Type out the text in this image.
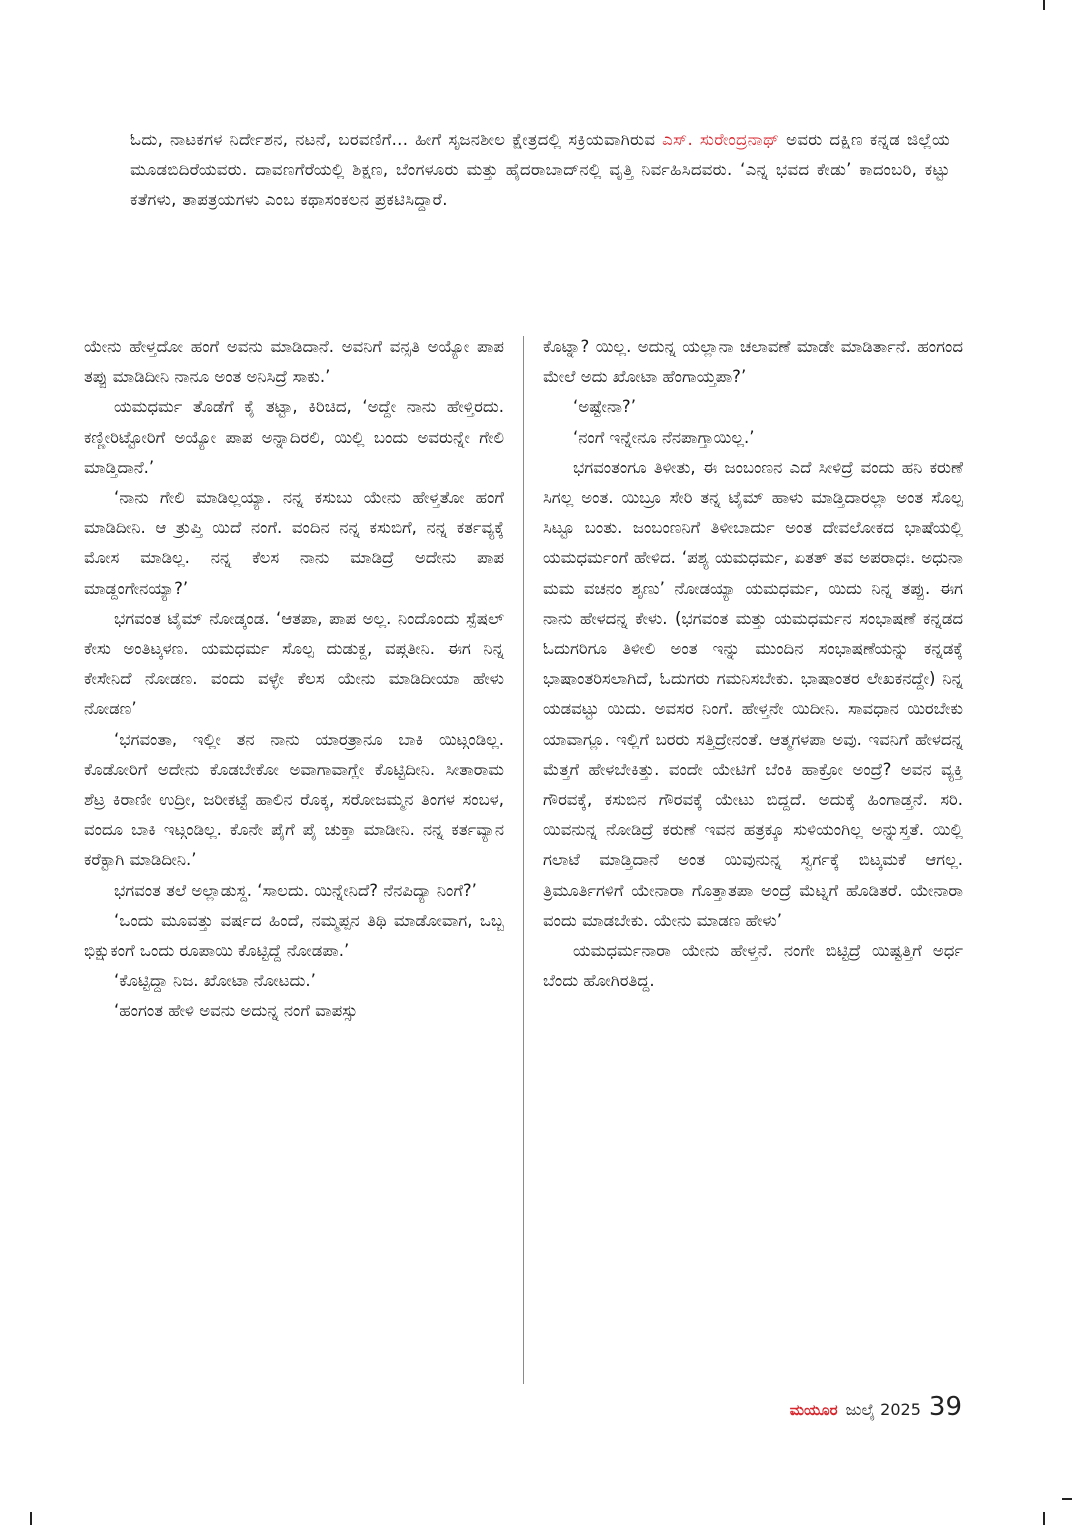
ಓದು, ನಾಟಕಗಳ ನಿರ್ದೇಶನ, ನಟನೆ, ಬರವಣಿಗೆ... ಹೀಗೆ ಸೃಜನಶೀಲ ಕ್ಷೇತ್ರದಲ್ಲಿ ಸಕ್ರಿಯವಾಗಿರುವ ಎಸ್. ಸುರೇಂದ್ರನಾಥ್ ಅವರು ದಕ್ಷಿಣ ಕನ್ನಡ ಜಿಲ್ಲೆಯ ಮೂಡಬಿದಿರೆಯವರು. ದಾವಣಗೆರೆಯಲ್ಲಿ ಶಿಕ್ಷಣ, ಬೆಂಗಳೂರು ಮತ್ತು ಹೈದರಾಬಾದ್‌ನಲ್ಲಿ ವೃತ್ತಿ ನಿರ್ವಹಿಸಿದವರು. ‘ಎನ್ನ ಭವದ ಕೇಡು’ ಕಾದಂಬರಿ, ಕಟ್ಟು ಕತೆಗಳು, ತಾಪತ್ರಯಗಳು ಎಂಬ ಕಥಾಸಂಕಲನ ಪ್ರಕಟಿಸಿದ್ದಾರೆ.

ಯೇನು ಹೇಳ್ತದೋ ಹಂಗೆ ಅವನು ಮಾಡಿದಾನೆ. ಅವನಿಗೆ ವನ್ಸತಿ ಅಯ್ಯೋ ಪಾಪ ತಪ್ಪು ಮಾಡಿದೀನಿ ನಾನೂ ಅಂತ ಅನಿಸಿದ್ರೆ ಸಾಕು.’

ಯಮಧರ್ಮ ತೊಡೆಗೆ ಕೈ ತಟ್ಟಾ, ಕಿರಿಚಿದ, ‘ಅದ್ದೇ ನಾನು ಹೇಳ್ತಿರದು. ಕಣ್ಣೀರಿಟ್ಟೋರಿಗೆ ಅಯ್ಯೋ ಪಾಪ ಅನ್ನಾದಿರಲಿ, ಯಿಲ್ಲಿ ಬಂದು ಅವರುನ್ನೇ ಗೇಲಿ ಮಾಡ್ತಿದಾನೆ.’

‘ನಾನು ಗೇಲಿ ಮಾಡಿಲ್ಲಯ್ಯಾ. ನನ್ನ ಕಸುಬು ಯೇನು ಹೇಳ್ತತೋ ಹಂಗೆ ಮಾಡಿದೀನಿ. ಆ ತ್ರುಪ್ತಿ ಯಿದೆ ನಂಗೆ. ವಂದಿನ ನನ್ನ ಕಸುಬಿಗೆ, ನನ್ನ ಕರ್ತವ್ಯಕ್ಕೆ ಮೋಸ ಮಾಡಿಲ್ಲ. ನನ್ನ ಕೆಲಸ ನಾನು ಮಾಡಿದ್ರೆ ಅದೇನು ಪಾಪ ಮಾಡ್ದಂಗೇನಯ್ಯಾ?’

ಭಗವಂತ ಟೈಮ್ ನೋಡ್ಕಂಡ. ‘ಆತಪಾ, ಪಾಪ ಅಲ್ಲ. ನಿಂದೊಂದು ಸ್ಪೆಷಲ್ ಕೇಸು ಅಂತಿಟ್ಕಳಣ. ಯಮಧರ್ಮ ಸೊಲ್ಪ ದುಡುಕ್ದ, ವಪ್ಗತೀನಿ. ಈಗ ನಿನ್ನ ಕೇಸೇನಿದೆ ನೋಡಣ. ವಂದು ವಳ್ಳೇ ಕೆಲಸ ಯೇನು ಮಾಡಿದೀಯಾ ಹೇಳು ನೋಡಣ’

‘ಭಗವಂತಾ, ಇಲ್ಲೀ ತನ ನಾನು ಯಾರತ್ರಾನೂ ಬಾಕಿ ಯಿಟ್ಗಂಡಿಲ್ಲ. ಕೊಡೋರಿಗೆ ಅದೇನು ಕೊಡಬೇಕೋ ಅವಾಗಾವಾಗ್ಲೇ ಕೊಟ್ಟಿದೀನಿ. ಸೀತಾರಾಮ ಶೆಟ್ರ ಕಿರಾಣೀ ಉದ್ರೀ, ಜರೀಕಟ್ಟೆ ಹಾಲಿನ ರೊಕ್ಕ, ಸರೋಜಮ್ಮನ ತಿಂಗಳ ಸಂಬಳ, ವಂದೂ ಬಾಕಿ ಇಟ್ಗಂಡಿಲ್ಲ. ಕೊನೇ ಪೈಗೆ ಪೈ ಚುಕ್ತಾ ಮಾಡೀನಿ. ನನ್ನ ಕರ್ತವ್ಯಾನ ಕರೆಕ್ಟಾಗಿ ಮಾಡಿದೀನಿ.’

ಭಗವಂತ ತಲೆ ಅಲ್ಲಾಡುಸ್ದ. ‘ಸಾಲದು. ಯಿನ್ನೇನಿದೆ? ನೆನಪಿದ್ಯಾ ನಿಂಗೆ?’

‘ಒಂದು ಮೂವತ್ತು ವರ್ಷದ ಹಿಂದೆ, ನಮ್ಮಪ್ಪನ ತಿಥಿ ಮಾಡೋವಾಗ, ಒಬ್ಬ ಭಿಕ್ಷುಕಂಗೆ ಒಂದು ರೂಪಾಯಿ ಕೊಟ್ಟಿದ್ದೆ ನೋಡಪಾ.’

‘ಕೊಟ್ಟಿದ್ದಾ ನಿಜ. ಖೋಟಾ ನೋಟದು.’

‘ಹಂಗಂತ ಹೇಳಿ ಅವನು ಅದುನ್ನ ನಂಗೆ ವಾಪಸ್ಸು

ಕೊಟ್ನಾ? ಯಿಲ್ಲ. ಅದುನ್ನ ಯಲ್ಲಾನಾ ಚಲಾವಣೆ ಮಾಡೇ ಮಾಡಿರ್ತಾನೆ. ಹಂಗಂದ ಮೇಲೆ ಅದು ಖೋಟಾ ಹೆಂಗಾಯ್ತಪಾ?’

‘ಅಷ್ಟೇನಾ?’

‘ನಂಗೆ ಇನ್ನೇನೂ ನೆನಪಾಗ್ತಾಯಿಲ್ಲ.’

ಭಗವಂತಂಗೂ ತಿಳೀತು, ಈ ಜಂಬಂಣನ ಎದೆ ಸೀಳಿದ್ರೆ ವಂದು ಹನಿ ಕರುಣೆ ಸಿಗಲ್ಲ ಅಂತ. ಯಿಬ್ರೂ ಸೇರಿ ತನ್ನ ಟೈಮ್ ಹಾಳು ಮಾಡ್ತಿದಾರಲ್ಲಾ ಅಂತ ಸೊಲ್ಪ ಸಿಟ್ಟೂ ಬಂತು. ಜಂಬಂಣನಿಗೆ ತಿಳೀಬಾರ್ದು ಅಂತ ದೇವಲೋಕದ ಭಾಷೆಯಲ್ಲಿ ಯಮಧರ್ಮಂಗೆ ಹೇಳಿದ. ‘ಪಶ್ಯ ಯಮಧರ್ಮ, ಏತತ್ ತವ ಅಪರಾಧಃ. ಅಧುನಾ ಮಮ ವಚನಂ ಶೃಣು’ ನೋಡಯ್ಯಾ ಯಮಧರ್ಮ, ಯಿದು ನಿನ್ನ ತಪ್ಪು. ಈಗ ನಾನು ಹೇಳದನ್ನ ಕೇಳು. (ಭಗವಂತ ಮತ್ತು ಯಮಧರ್ಮನ ಸಂಭಾಷಣೆ ಕನ್ನಡದ ಓದುಗರಿಗೂ ತಿಳೀಲಿ ಅಂತ ಇನ್ನು ಮುಂದಿನ ಸಂಭಾಷಣೆಯನ್ನು ಕನ್ನಡಕ್ಕೆ ಭಾಷಾಂತರಿಸಲಾಗಿದೆ, ಓದುಗರು ಗಮನಿಸಬೇಕು. ಭಾಷಾಂತರ ಲೇಖಕನದ್ದೇ) ನಿನ್ನ ಯಡವಟ್ಟು ಯಿದು. ಅವಸರ ನಿಂಗೆ. ಹೇಳ್ತನೇ ಯಿದೀನಿ. ಸಾವಧಾನ ಯಿರಬೇಕು ಯಾವಾಗ್ಲೂ. ಇಲ್ಲಿಗೆ ಬರರು ಸತ್ತಿದ್ರೇನಂತೆ. ಆತ್ಮಗಳಪಾ ಅವು. ಇವನಿಗೆ ಹೇಳದನ್ನ ಮೆತ್ತಗೆ ಹೇಳಬೇಕಿತ್ತು. ವಂದೇ ಯೇಟಿಗೆ ಬೆಂಕಿ ಹಾಕ್ರೋ ಅಂದ್ರೆ? ಅವನ ವ್ಯಕ್ತಿ ಗೌರವಕ್ಕೆ, ಕಸುಬಿನ ಗೌರವಕ್ಕೆ ಯೇಟು ಬಿದ್ದದೆ. ಅದುಕ್ಕೆ ಹಿಂಗಾಡ್ತನೆ. ಸರಿ. ಯಿವನುನ್ನ ನೋಡಿದ್ರೆ ಕರುಣೆ ಇವನ ಹತ್ರಕ್ಕೂ ಸುಳಿಯಂಗಿಲ್ಲ ಅನ್ನುಸ್ತತೆ. ಯಿಲ್ಲಿ ಗಲಾಟೆ ಮಾಡ್ತಿದಾನೆ ಅಂತ ಯಿವುನುನ್ನ ಸ್ವರ್ಗಕ್ಕೆ ಬಿಟ್ಕಮಕೆ ಆಗಲ್ಲ. ತ್ರಿಮೂರ್ತಿಗಳಿಗೆ ಯೇನಾರಾ ಗೊತ್ತಾತಪಾ ಅಂದ್ರೆ ಮೆಟ್ನಗೆ ಹೊಡಿತರೆ. ಯೇನಾರಾ ವಂದು ಮಾಡಬೇಕು. ಯೇನು ಮಾಡಣ ಹೇಳು’

ಯಮಧರ್ಮನಾರಾ ಯೇನು ಹೇಳ್ತನೆ. ನಂಗೇ ಬಿಟ್ಟಿದ್ರೆ ಯಿಷ್ಟತ್ತಿಗೆ ಅರ್ಧ ಬೆಂದು ಹೋಗಿರತಿದ್ದ.

ಮಯೂರ ಜುಲೈ 2025 39
